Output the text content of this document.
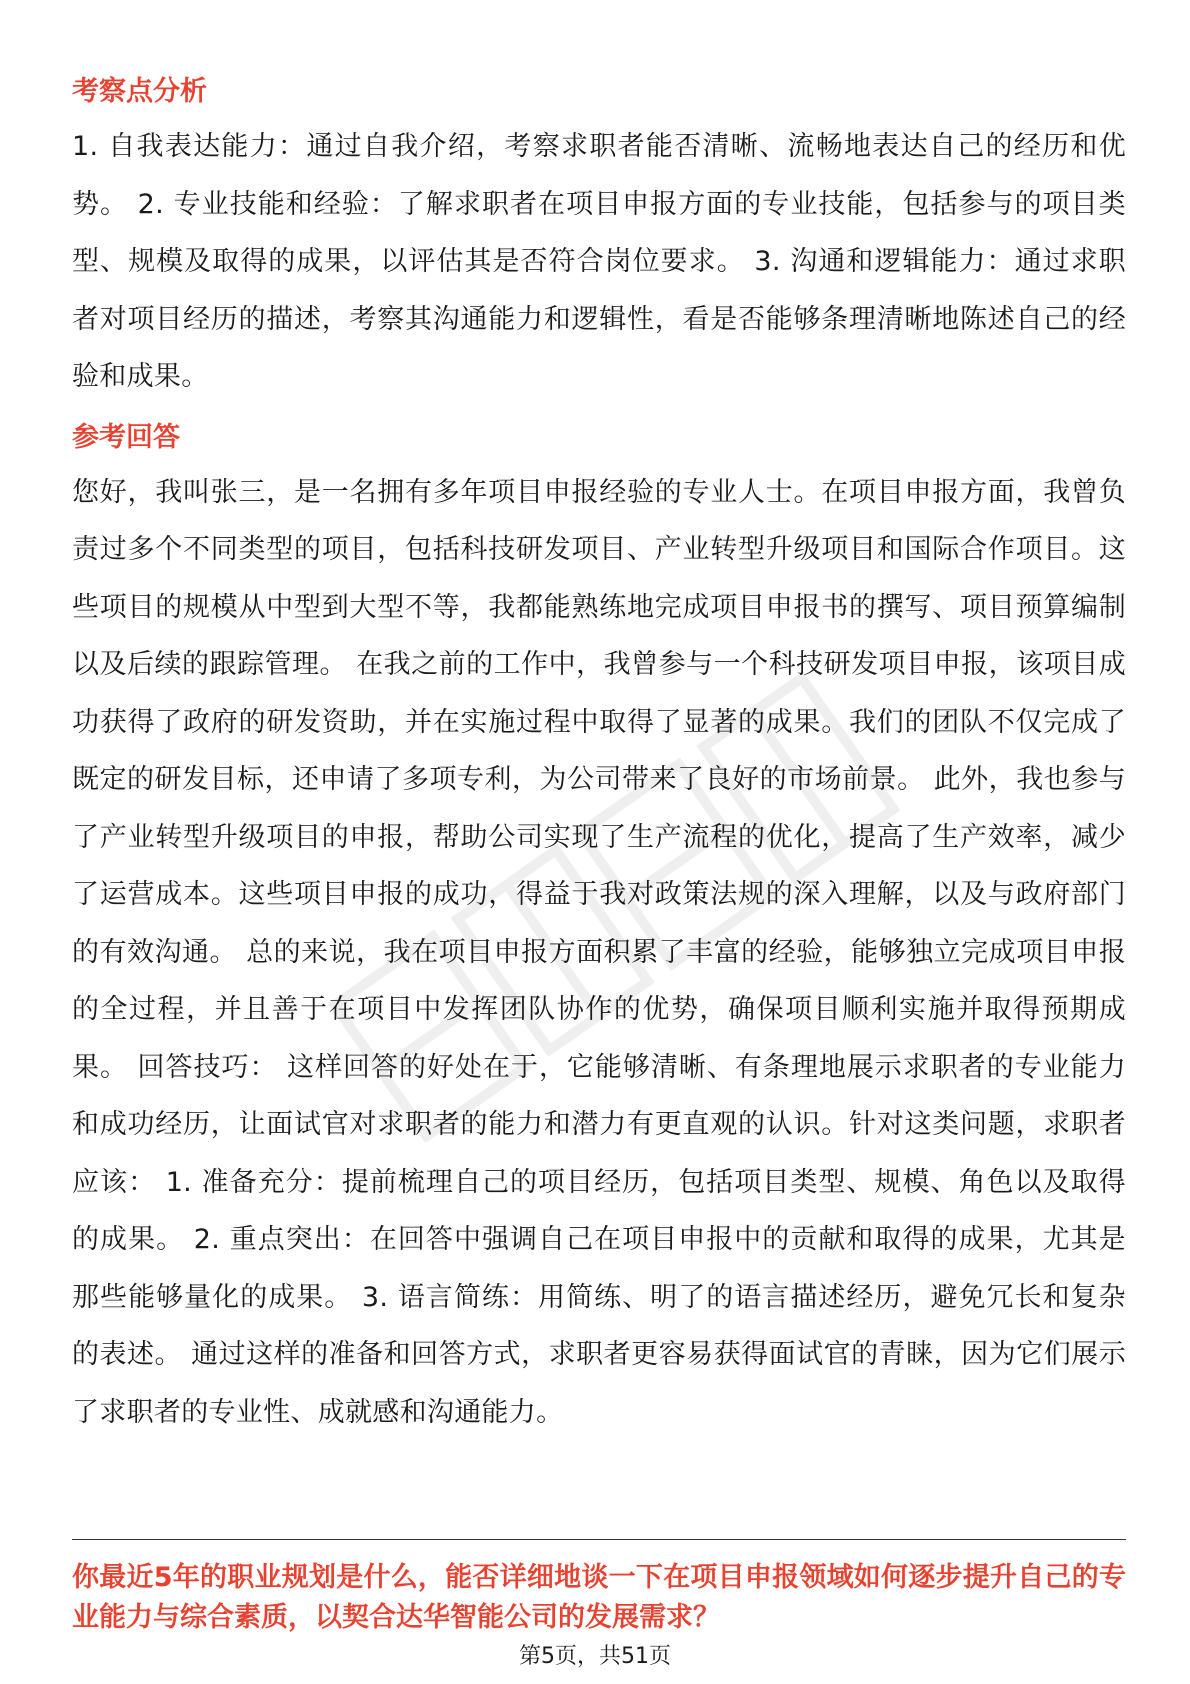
考察点分析

1. 自我表达能力：通过自我介绍，考察求职者能否清晰、流畅地表达自己的经历和优势。 2. 专业技能和经验：了解求职者在项目申报方面的专业技能，包括参与的项目类型、规模及取得的成果，以评估其是否符合岗位要求。 3. 沟通和逻辑能力：通过求职者对项目经历的描述，考察其沟通能力和逻辑性，看是否能够条理清晰地陈述自己的经验和成果。

参考回答

您好，我叫张三，是一名拥有多年项目申报经验的专业人士。在项目申报方面，我曾负责过多个不同类型的项目，包括科技研发项目、产业转型升级项目和国际合作项目。这些项目的规模从中型到大型不等，我都能熟练地完成项目申报书的撰写、项目预算编制以及后续的跟踪管理。 在我之前的工作中，我曾参与一个科技研发项目申报，该项目成功获得了政府的研发资助，并在实施过程中取得了显著的成果。我们的团队不仅完成了既定的研发目标，还申请了多项专利，为公司带来了良好的市场前景。 此外，我也参与了产业转型升级项目的申报，帮助公司实现了生产流程的优化，提高了生产效率，减少了运营成本。这些项目申报的成功，得益于我对政策法规的深入理解，以及与政府部门的有效沟通。 总的来说，我在项目申报方面积累了丰富的经验，能够独立完成项目申报的全过程，并且善于在项目中发挥团队协作的优势，确保项目顺利实施并取得预期成果。 回答技巧： 这样回答的好处在于，它能够清晰、有条理地展示求职者的专业能力和成功经历，让面试官对求职者的能力和潜力有更直观的认识。针对这类问题，求职者应该： 1. 准备充分：提前梳理自己的项目经历，包括项目类型、规模、角色以及取得的成果。 2. 重点突出：在回答中强调自己在项目申报中的贡献和取得的成果，尤其是那些能够量化的成果。 3. 语言简练：用简练、明了的语言描述经历，避免冗长和复杂的表述。 通过这样的准备和回答方式，求职者更容易获得面试官的青睐，因为它们展示了求职者的专业性、成就感和沟通能力。

你最近5年的职业规划是什么，能否详细地谈一下在项目申报领域如何逐步提升自己的专业能力与综合素质，以契合达华智能公司的发展需求？
第5页，共51页
